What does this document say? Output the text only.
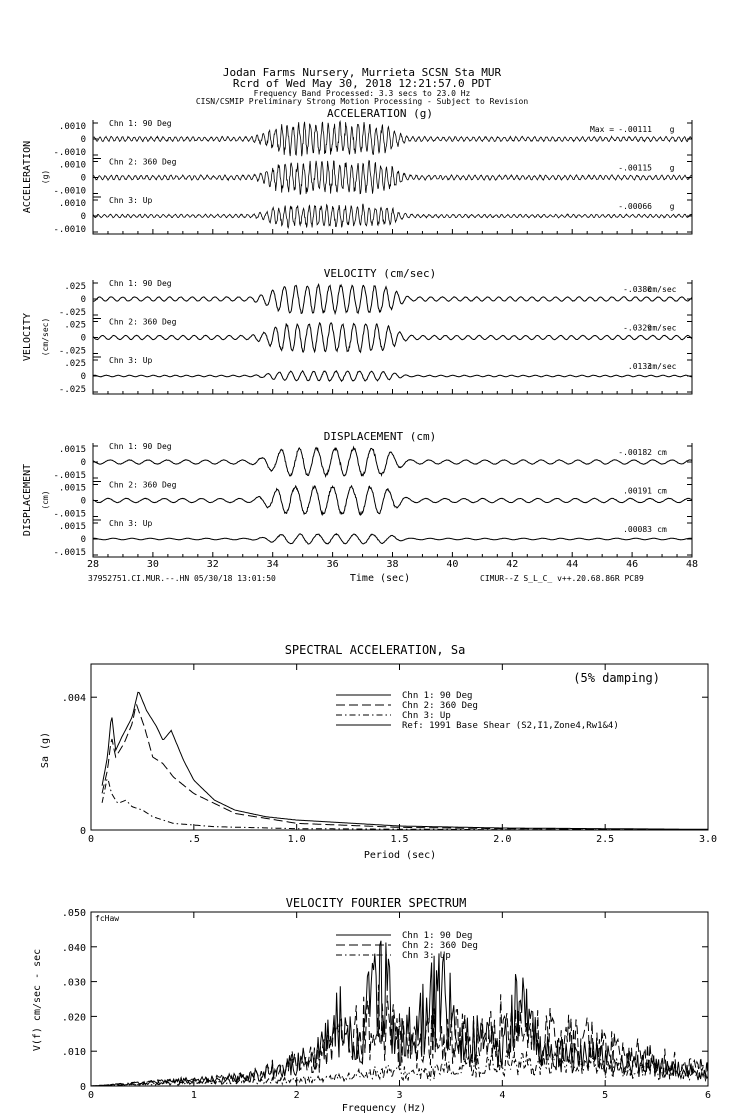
Jodan Farms Nursery, Murrieta SCSN Sta MUR
Rcrd of Wed May 30, 2018 12:21:57.0 PDT
Frequency Band Processed: 3.3 secs to 23.0 Hz
CISN/CSMIP Preliminary Strong Motion Processing - Subject to Revision
ACCELERATION (g)
ACCELERATION (g)
.0010
0
-.0010
Chn 1: 90 Deg
Max = -.00111 g
.0010
0
-.0010
Chn 2: 360 Deg
-.00115 g
.0010
0
-.0010
Chn 3: Up
-.00066 g
VELOCITY (cm/sec)
VELOCITY (cm/sec)
.025
0
-.025
Chn 1: 90 Deg
-.0380
cm/sec
.025
0
-.025
Chn 2: 360 Deg
-.0329
cm/sec
.025
0
-.025
Chn 3: Up
.0133
cm/sec
DISPLACEMENT (cm)
DISPLACEMENT (cm)
.0015
0
-.0015
Chn 1: 90 Deg
-.00182 cm
.0015
0
-.0015
Chn 2: 360 Deg
.00191 cm
.0015
0
-.0015
Chn 3: Up
.00083 cm
28	30	32	34	36	38	40	42	44	46	48
Time (sec)
37952751.CI.MUR.--.HN 05/30/18 13:01:50	CIMUR--Z S_L_C_ v++.20.68.86R PC89
SPECTRAL ACCELERATION, Sa
(5% damping)
Period (sec)
Sa (g)
0	.5	1.0	1.5	2.0	2.5	3.0
0
.004	Chn 1: 90 Deg
Chn 2: 360 Deg
Chn 3: Up
Ref: 1991 Base Shear (S2,I1,Zone4,Rw1&4)
VELOCITY FOURIER SPECTRUM
fcHaw
Frequency (Hz)
V(f) cm/sec - sec
0	1	2	3	4	5	6
0
.010
.020
.030
.040
.050
Chn 1: 90 Deg
Chn 2: 360 Deg
Chn 3: Up
